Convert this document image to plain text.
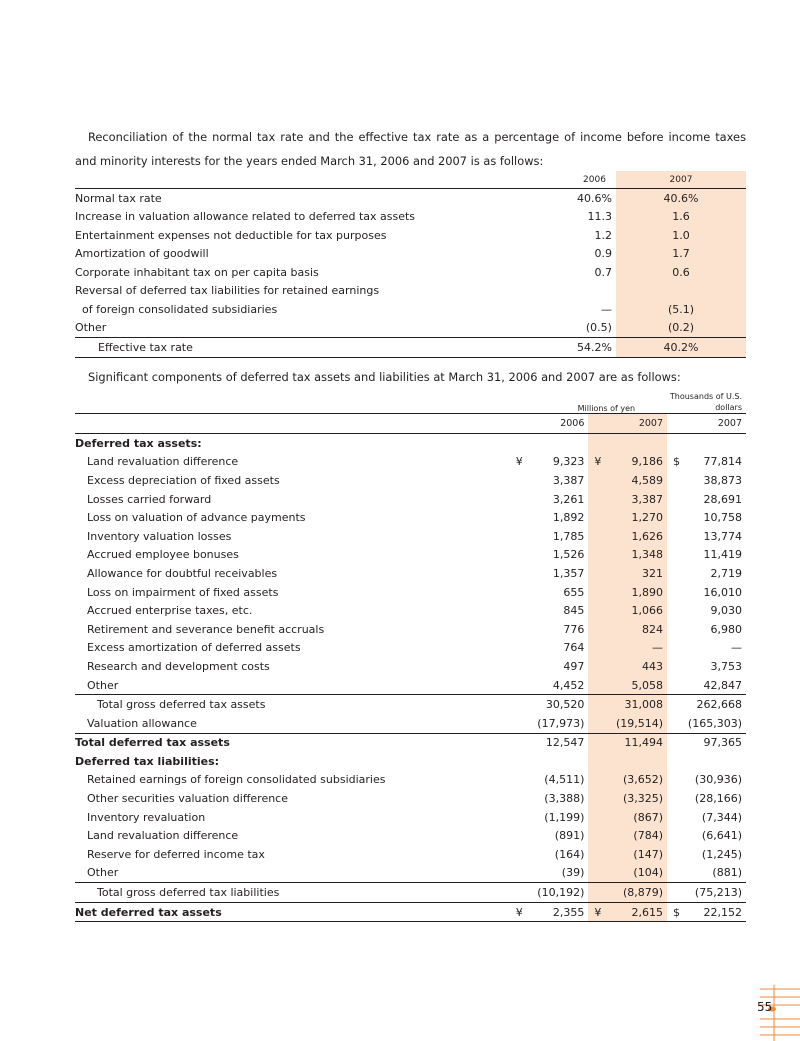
Reconciliation of the normal tax rate and the effective tax rate as a percentage of income before income taxes and minority interests for the years ended March 31, 2006 and 2007 is as follows:

	2006	2007
Normal tax rate	40.6%	40.6%
Increase in valuation allowance related to deferred tax assets	11.3	1.6
Entertainment expenses not deductible for tax purposes	1.2	1.0
Amortization of goodwill	0.9	1.7
Corporate inhabitant tax on per capita basis	0.7	0.6
Reversal of deferred tax liabilities for retained earnings		
of foreign consolidated subsidiaries	—	(5.1)
Other	(0.5)	(0.2)
Effective tax rate	54.2%	40.2%

Significant components of deferred tax assets and liabilities at March 31, 2006 and 2007 are as follows:

	Millions of yen		Thousands of U.S. dollars
	2006	2007	2007
Deferred tax assets:			
Land revaluation difference	¥ 9,323	¥ 9,186	$ 77,814
Excess depreciation of fixed assets	3,387	4,589	38,873
Losses carried forward	3,261	3,387	28,691
Loss on valuation of advance payments	1,892	1,270	10,758
Inventory valuation losses	1,785	1,626	13,774
Accrued employee bonuses	1,526	1,348	11,419
Allowance for doubtful receivables	1,357	321	2,719
Loss on impairment of fixed assets	655	1,890	16,010
Accrued enterprise taxes, etc.	845	1,066	9,030
Retirement and severance benefit accruals	776	824	6,980
Excess amortization of deferred assets	764	—	—
Research and development costs	497	443	3,753
Other	4,452	5,058	42,847
Total gross deferred tax assets	30,520	31,008	262,668
Valuation allowance	(17,973)	(19,514)	(165,303)
Total deferred tax assets	12,547	11,494	97,365
Deferred tax liabilities:			
Retained earnings of foreign consolidated subsidiaries	(4,511)	(3,652)	(30,936)
Other securities valuation difference	(3,388)	(3,325)	(28,166)
Inventory revaluation	(1,199)	(867)	(7,344)
Land revaluation difference	(891)	(784)	(6,641)
Reserve for deferred income tax	(164)	(147)	(1,245)
Other	(39)	(104)	(881)
Total gross deferred tax liabilities	(10,192)	(8,879)	(75,213)
Net deferred tax assets	¥ 2,355	¥ 2,615	$ 22,152
55
